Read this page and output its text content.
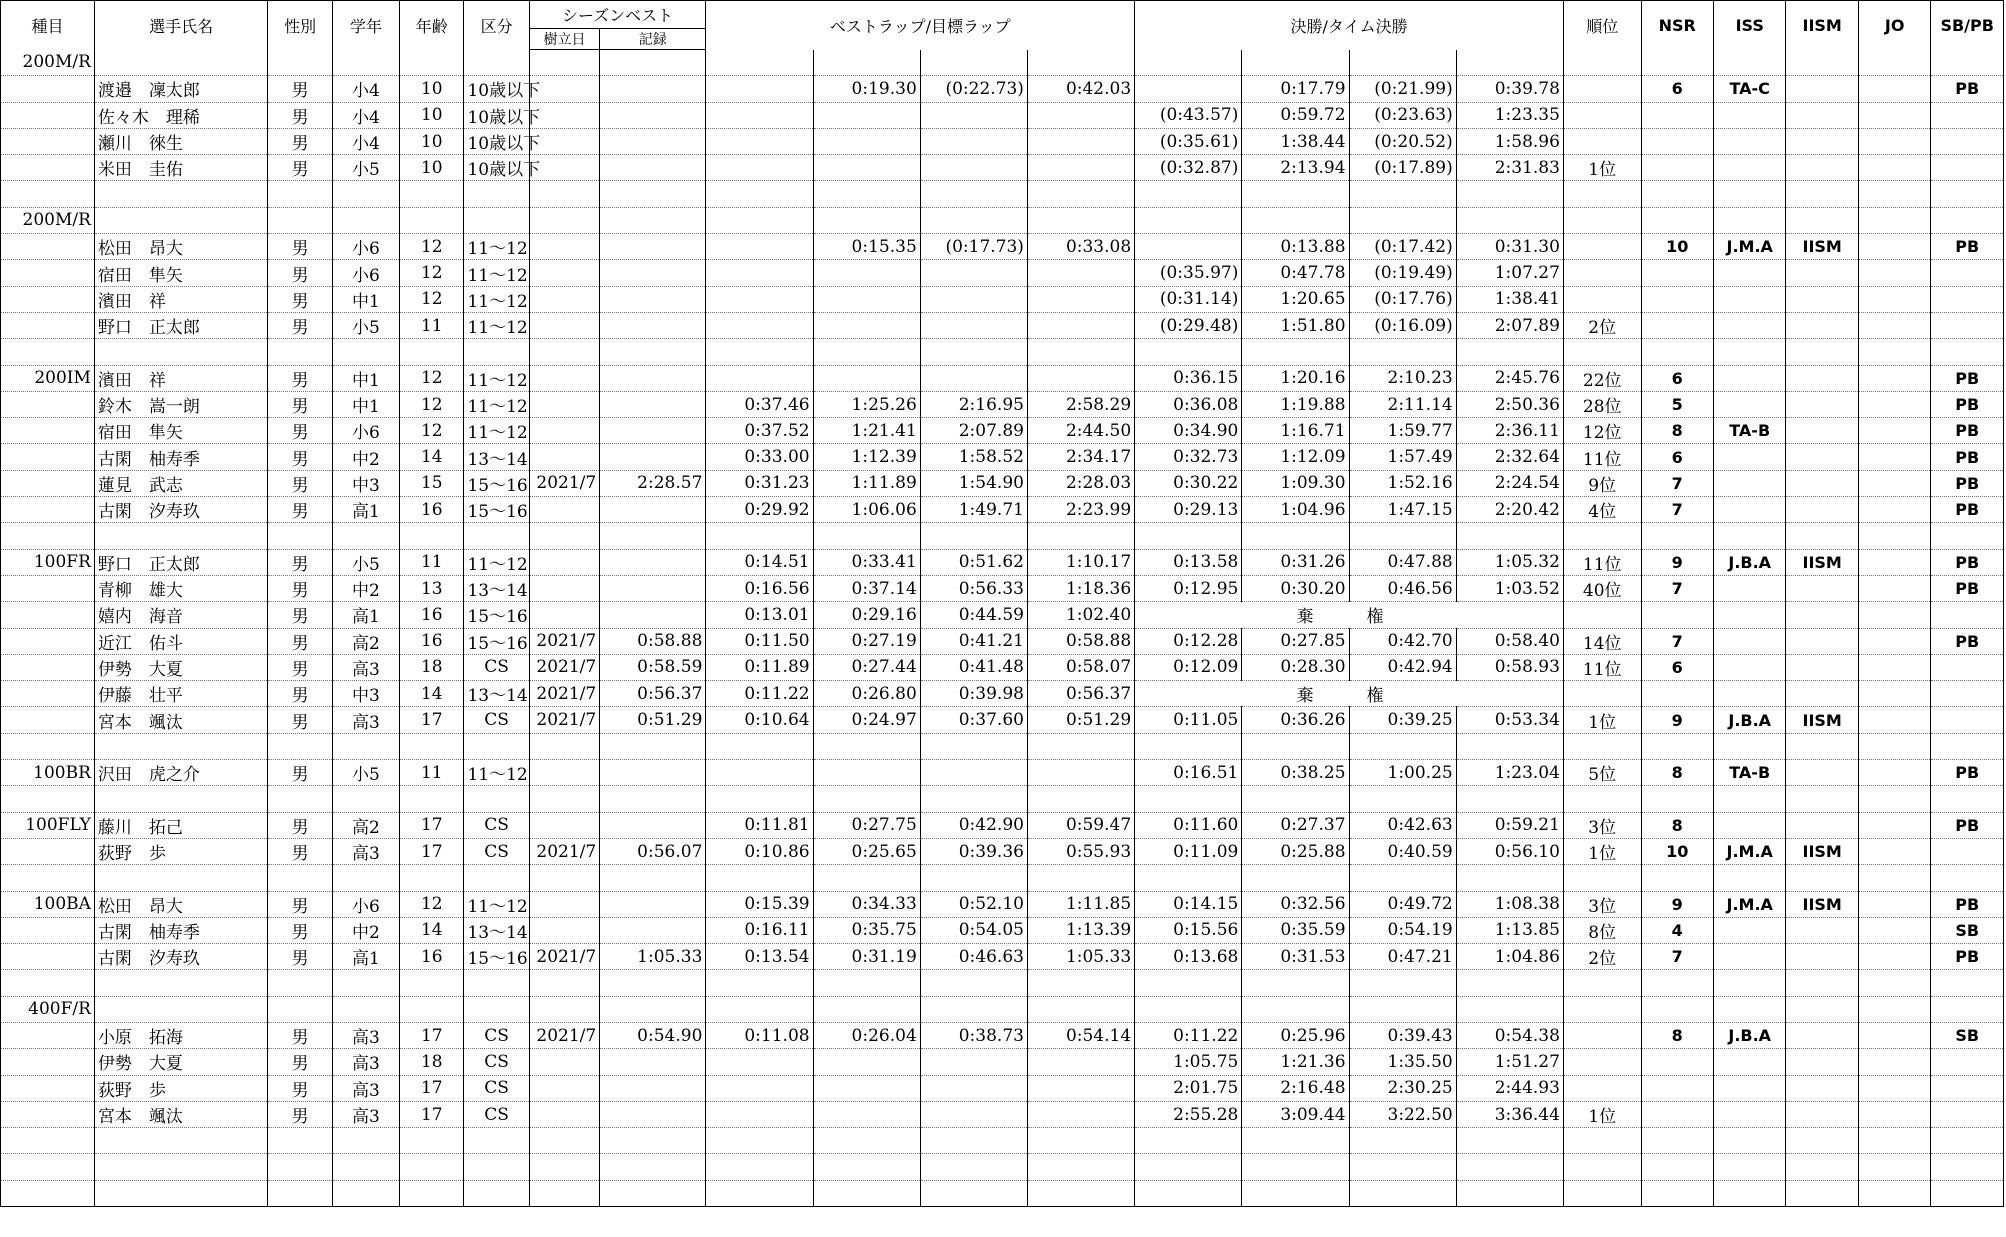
種目	選手氏名	性別	学年	年齢	区分	シーズンベスト		ベストラップ/目標ラップ				決勝/タイム決勝				順位	NSR	ISS	IISM	JO	SB/PB
						樹立日	記録														
200M/R																					
	渡邉　凜太郎	男	小4	10	10歳以下				0:19.30	(0:22.73)	0:42.03		0:17.79	(0:21.99)	0:39.78		6	TA-C			PB
	佐々木　理稀	男	小4	10	10歳以下							(0:43.57)	0:59.72	(0:23.63)	1:23.35						
	瀬川　徠生	男	小4	10	10歳以下							(0:35.61)	1:38.44	(0:20.52)	1:58.96						
	米田　圭佑	男	小5	10	10歳以下							(0:32.87)	2:13.94	(0:17.89)	2:31.83	1位					

200M/R																					
	松田　昂大	男	小6	12	11～12				0:15.35	(0:17.73)	0:33.08		0:13.88	(0:17.42)	0:31.30		10	J.M.A	IISM		PB
	宿田　隼矢	男	小6	12	11～12							(0:35.97)	0:47.78	(0:19.49)	1:07.27						
	濱田　祥	男	中1	12	11～12							(0:31.14)	1:20.65	(0:17.76)	1:38.41						
	野口　正太郎	男	小5	11	11～12							(0:29.48)	1:51.80	(0:16.09)	2:07.89	2位					

200IM	濱田　祥	男	中1	12	11～12							0:36.15	1:20.16	2:10.23	2:45.76	22位	6				PB
	鈴木　嵩一朗	男	中1	12	11～12			0:37.46	1:25.26	2:16.95	2:58.29	0:36.08	1:19.88	2:11.14	2:50.36	28位	5				PB
	宿田　隼矢	男	小6	12	11～12			0:37.52	1:21.41	2:07.89	2:44.50	0:34.90	1:16.71	1:59.77	2:36.11	12位	8	TA-B			PB
	古閑　柚寿季	男	中2	14	13～14			0:33.00	1:12.39	1:58.52	2:34.17	0:32.73	1:12.09	1:57.49	2:32.64	11位	6				PB
	蓮見　武志	男	中3	15	15～16	2021/7	2:28.57	0:31.23	1:11.89	1:54.90	2:28.03	0:30.22	1:09.30	1:52.16	2:24.54	9位	7				PB
	古閑　汐寿玖	男	高1	16	15～16			0:29.92	1:06.06	1:49.71	2:23.99	0:29.13	1:04.96	1:47.15	2:20.42	4位	7				PB

100FR	野口　正太郎	男	小5	11	11～12			0:14.51	0:33.41	0:51.62	1:10.17	0:13.58	0:31.26	0:47.88	1:05.32	11位	9	J.B.A	IISM		PB
	青柳　雄大	男	中2	13	13～14			0:16.56	0:37.14	0:56.33	1:18.36	0:12.95	0:30.20	0:46.56	1:03.52	40位	7				PB
	嬉内　海音	男	高1	16	15～16			0:13.01	0:29.16	0:44.59	1:02.40	棄　権									
	近江　佑斗	男	高2	16	15～16	2021/7	0:58.88	0:11.50	0:27.19	0:41.21	0:58.88	0:12.28	0:27.85	0:42.70	0:58.40	14位	7				PB
	伊勢　大夏	男	高3	18	CS	2021/7	0:58.59	0:11.89	0:27.44	0:41.48	0:58.07	0:12.09	0:28.30	0:42.94	0:58.93	11位	6				
	伊藤　壮平	男	中3	14	13～14	2021/7	0:56.37	0:11.22	0:26.80	0:39.98	0:56.37	棄　権									
	宮本　颯汰	男	高3	17	CS	2021/7	0:51.29	0:10.64	0:24.97	0:37.60	0:51.29	0:11.05	0:36.26	0:39.25	0:53.34	1位	9	J.B.A	IISM		

100BR	沢田　虎之介	男	小5	11	11～12							0:16.51	0:38.25	1:00.25	1:23.04	5位	8	TA-B			PB

100FLY	藤川　拓己	男	高2	17	CS			0:11.81	0:27.75	0:42.90	0:59.47	0:11.60	0:27.37	0:42.63	0:59.21	3位	8				PB
	荻野　歩	男	高3	17	CS	2021/7	0:56.07	0:10.86	0:25.65	0:39.36	0:55.93	0:11.09	0:25.88	0:40.59	0:56.10	1位	10	J.M.A	IISM		

100BA	松田　昂大	男	小6	12	11～12			0:15.39	0:34.33	0:52.10	1:11.85	0:14.15	0:32.56	0:49.72	1:08.38	3位	9	J.M.A	IISM		PB
	古閑　柚寿季	男	中2	14	13～14			0:16.11	0:35.75	0:54.05	1:13.39	0:15.56	0:35.59	0:54.19	1:13.85	8位	4				SB
	古閑　汐寿玖	男	高1	16	15～16	2021/7	1:05.33	0:13.54	0:31.19	0:46.63	1:05.33	0:13.68	0:31.53	0:47.21	1:04.86	2位	7				PB

400F/R																					
	小原　拓海	男	高3	17	CS	2021/7	0:54.90	0:11.08	0:26.04	0:38.73	0:54.14	0:11.22	0:25.96	0:39.43	0:54.38		8	J.B.A			SB
	伊勢　大夏	男	高3	18	CS							1:05.75	1:21.36	1:35.50	1:51.27						
	荻野　歩	男	高3	17	CS							2:01.75	2:16.48	2:30.25	2:44.93						
	宮本　颯汰	男	高3	17	CS							2:55.28	3:09.44	3:22.50	3:36.44	1位					
